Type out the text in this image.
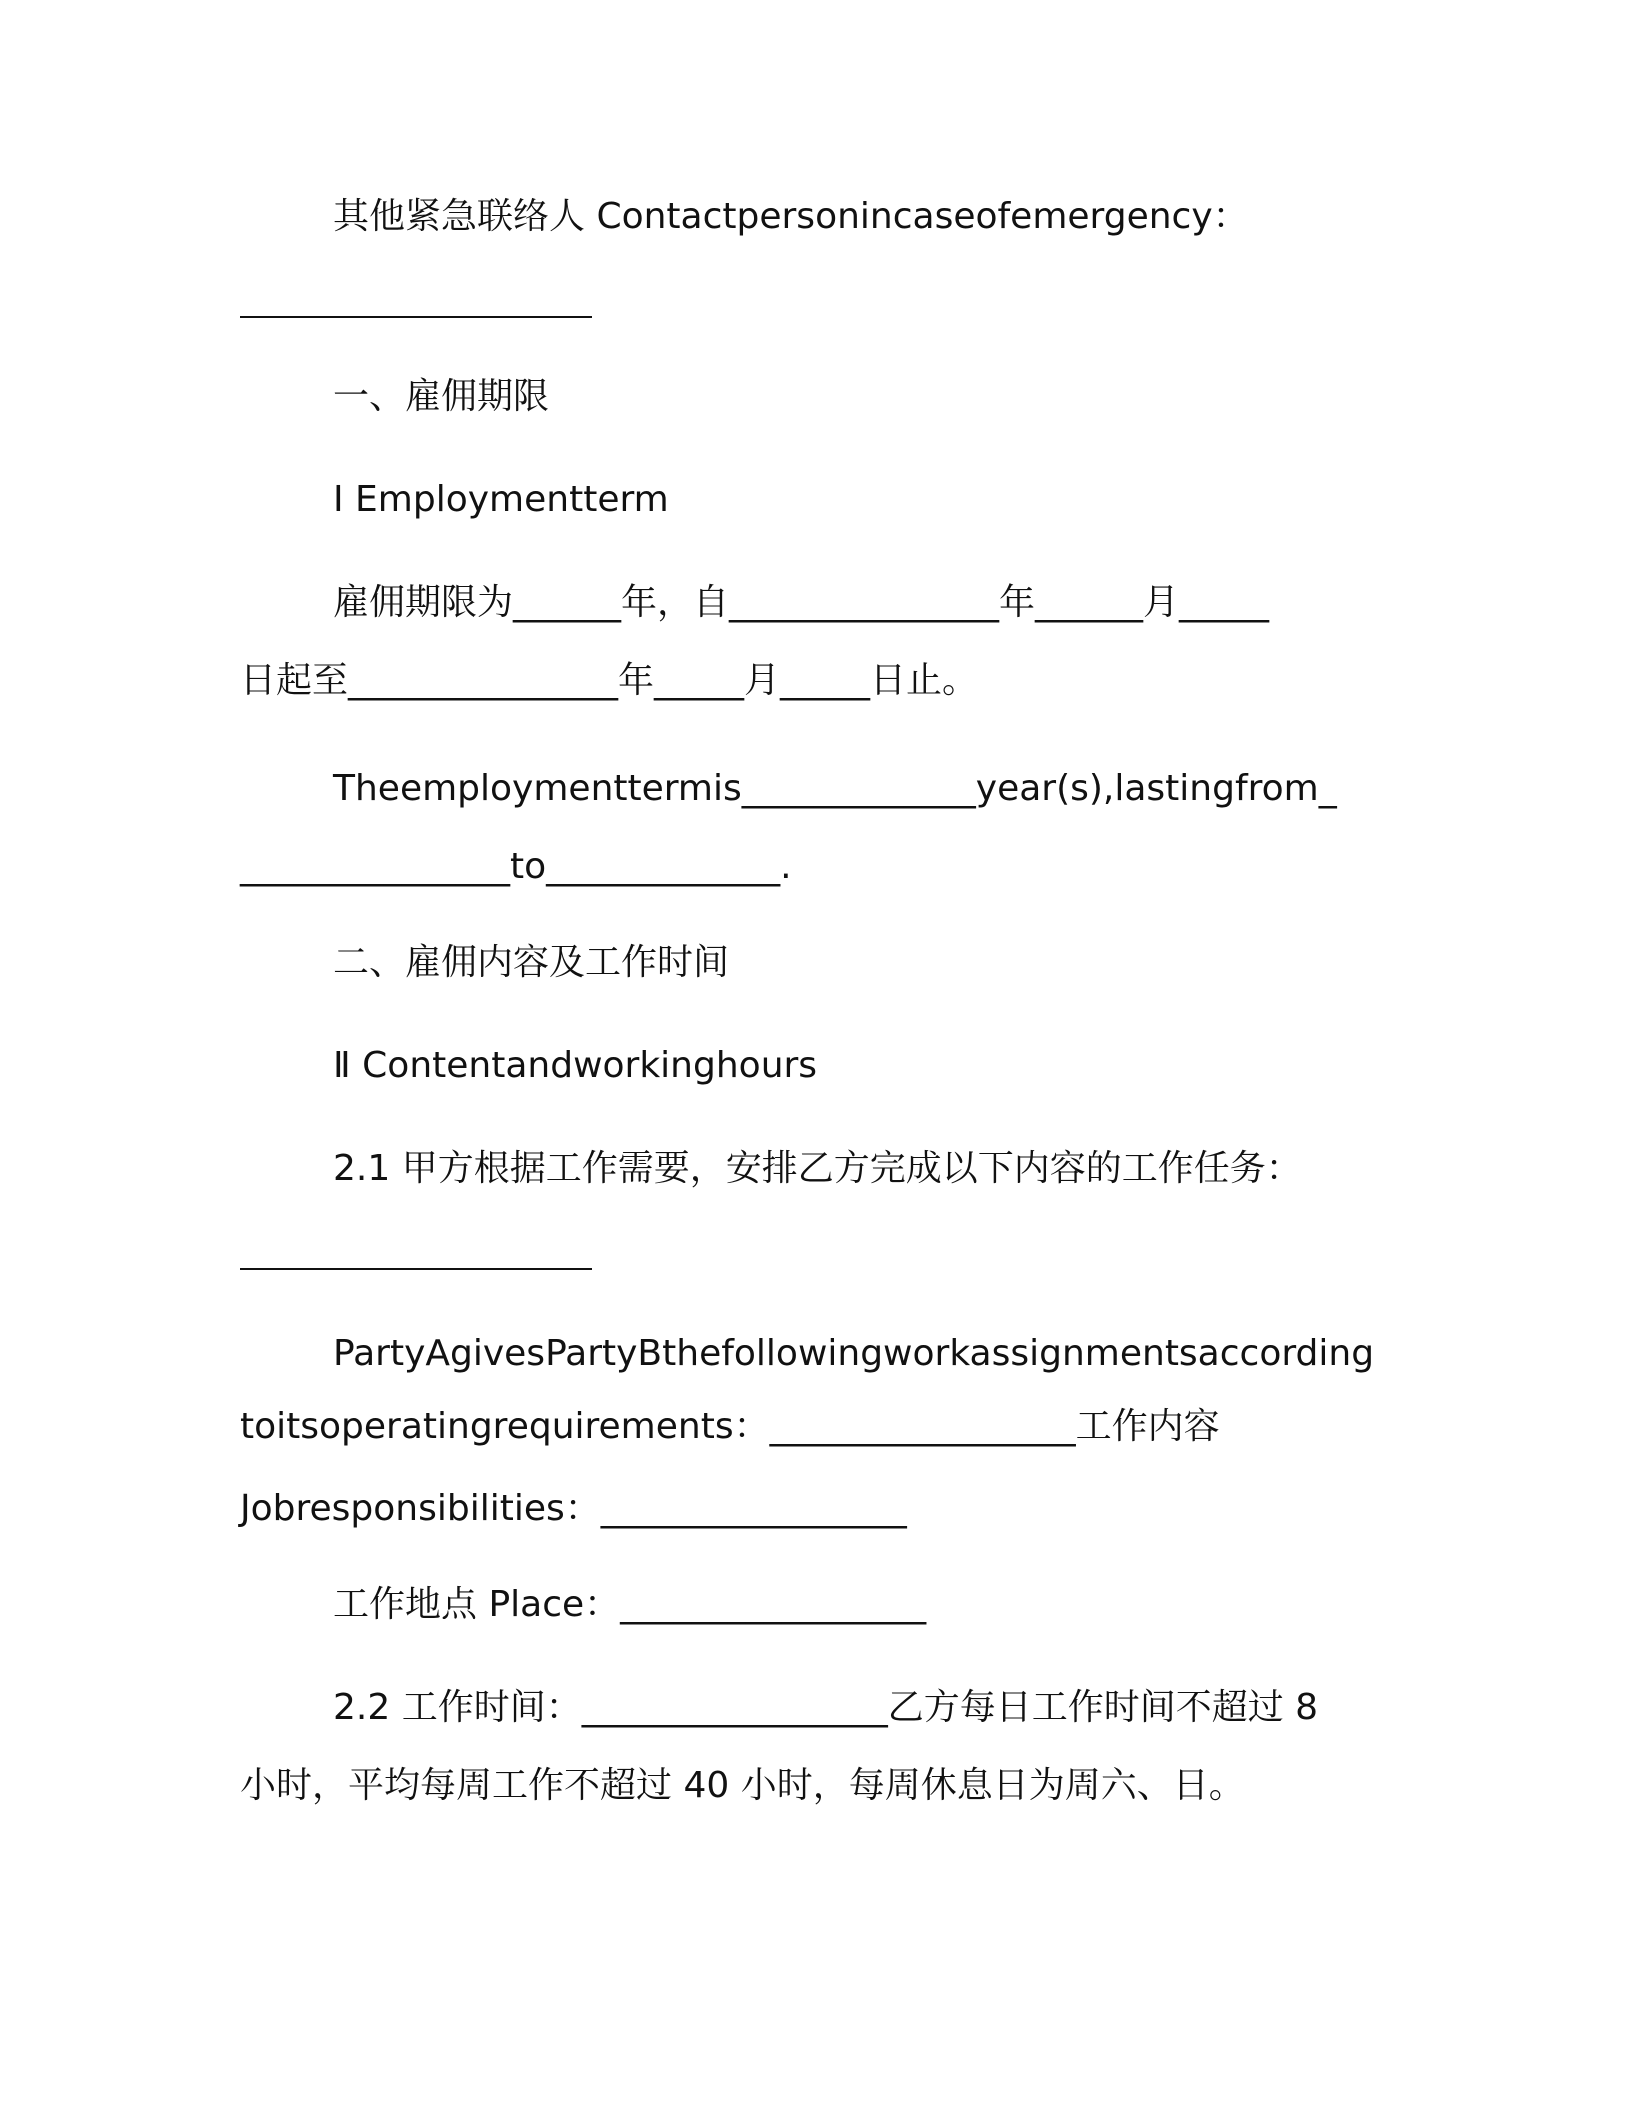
其他紧急联络人 Contactpersonincaseofemergency：
一、雇佣期限
Ⅰ Employmentterm
雇佣期限为______年，自_______________年______月_____
日起至_______________年_____月_____日止。
Theemploymenttermis_____________year(s),lastingfrom_
_______________to_____________.
二、雇佣内容及工作时间
Ⅱ Contentandworkinghours
2.1 甲方根据工作需要，安排乙方完成以下内容的工作任务：
PartyAgivesPartyBthefollowingworkassignmentsaccording
toitsoperatingrequirements：_________________工作内容
Jobresponsibilities：_________________
工作地点 Place：_________________
2.2 工作时间：_________________乙方每日工作时间不超过 8
小时，平均每周工作不超过 40 小时，每周休息日为周六、日。
